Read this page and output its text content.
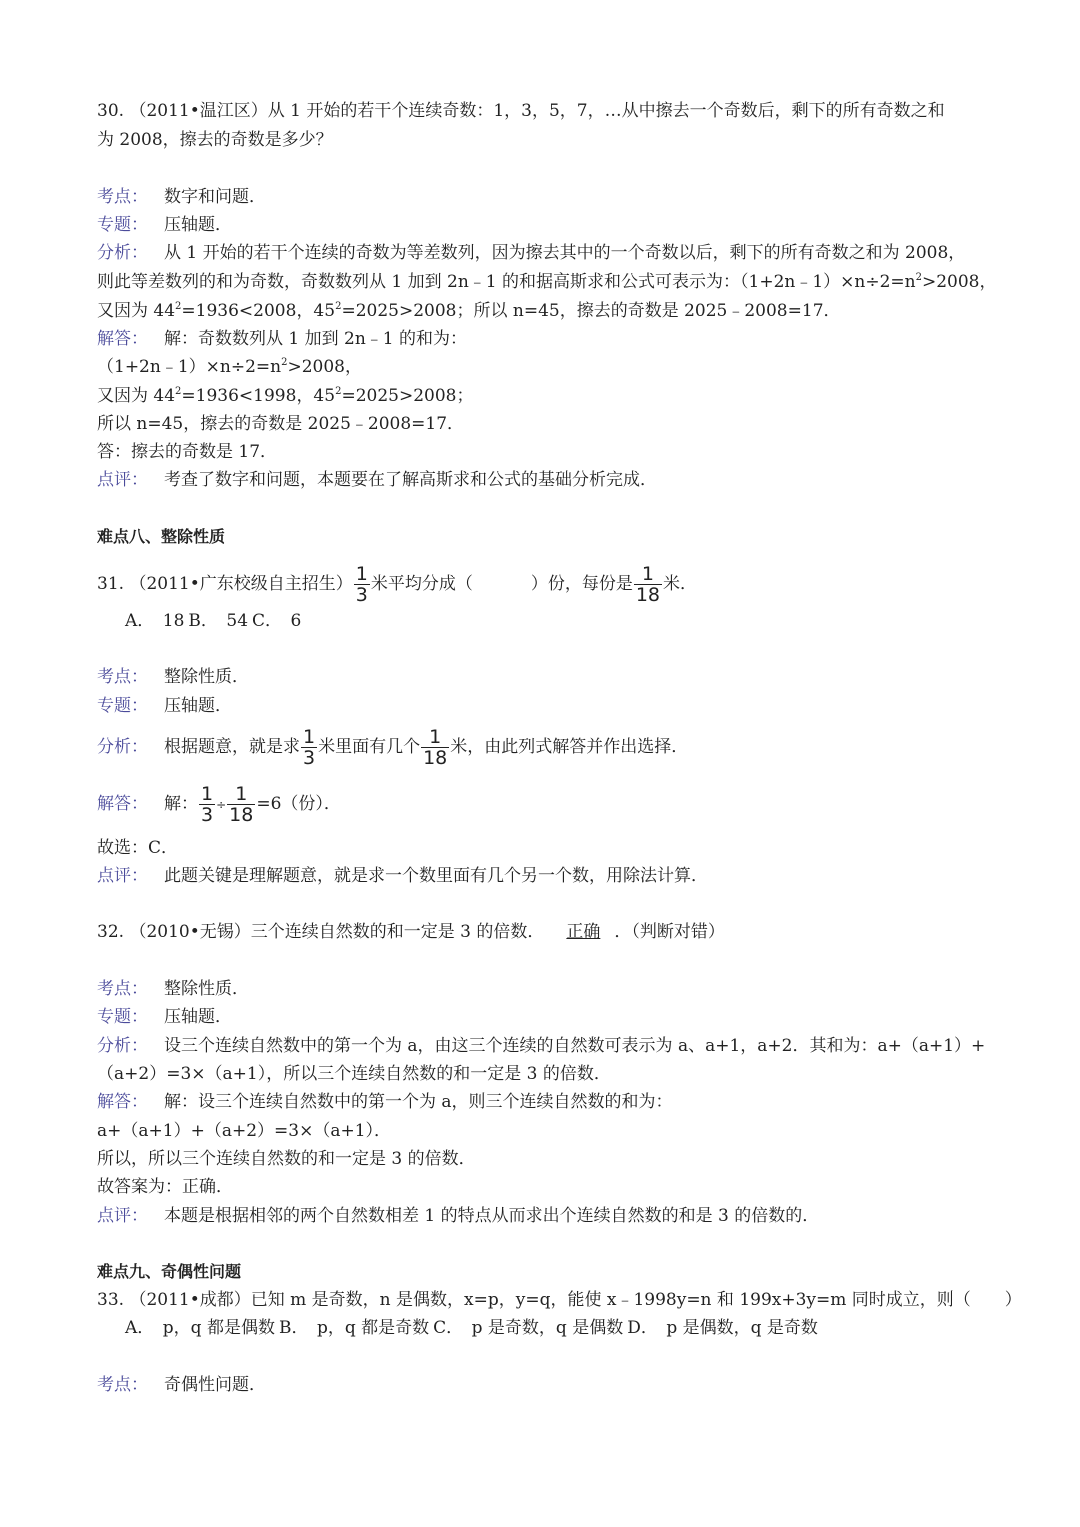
30. （2011•温江区）从 1 开始的若干个连续奇数：1，3，5，7，…从中擦去一个奇数后，剩下的所有奇数之和
为 2008，擦去的奇数是多少？
考点： 数字和问题．
专题： 压轴题．
分析： 从 1 开始的若干个连续的奇数为等差数列，因为擦去其中的一个奇数以后，剩下的所有奇数之和为 2008，
则此等差数列的和为奇数，奇数数列从 1 加到 2n﹣1 的和据高斯求和公式可表示为：$(1+2n﹣1)\times n\div 2=n^2>2008$，
又因为 $44^2=1936<2008$，$45^2=2025>2008$；所以 n=45，擦去的奇数是 2025﹣2008=17．
解答： 解：奇数数列从 1 加到 2n﹣1 的和为：
$(1+2n﹣1)\times n\div 2=n^2>2008$，
又因为 $44^2=1936<1998$，$45^2=2025>2008$；
所以 n=45，擦去的奇数是 2025﹣2008=17．
答：擦去的奇数是 17．
点评： 考查了数字和问题，本题要在了解高斯求和公式的基础分析完成．
难点八、整除性质
31. （2011•广东校级自主招生） $\frac{1}{3}$ 米平均分成（	）份，每份是 $\frac{1}{18}$ 米．
A．　18 B．　54 C．　6
考点： 整除性质．
专题： 压轴题．
分析： 根据题意，就是求 $\frac{1}{3}$ 米里面有几个 $\frac{1}{18}$ 米，由此列式解答并作出选择．
解答： 解： $\frac{1}{3} \div \frac{1}{18} =6$（份）．
故选：C．
点评： 此题关键是理解题意，就是求一个数里面有几个另一个数，用除法计算．
32. （2010•无锡）三个连续自然数的和一定是 3 的倍数． 正确 ．（判断对错）
考点： 整除性质．
专题： 压轴题．
分析： 设三个连续自然数中的第一个为 a，由这三个连续的自然数可表示为 a、a+1，a+2．其和为：a+（a+1）+
（a+2）=3×（a+1），所以三个连续自然数的和一定是 3 的倍数．
解答： 解：设三个连续自然数中的第一个为 a，则三个连续自然数的和为：
a+（a+1）+（a+2）=3×（a+1）．
所以，所以三个连续自然数的和一定是 3 的倍数．
故答案为：正确．
点评： 本题是根据相邻的两个自然数相差 1 的特点从而求出个连续自然数的和是 3 的倍数的．
难点九、奇偶性问题
33. （2011•成都）已知 m 是奇数，n 是偶数，x=p，y=q，能使 x﹣1998y=n 和 199x+3y=m 同时成立，则（　　）
A．　p，q 都是偶数 B．　p，q 都是奇数 C．　p 是奇数，q 是偶数 D．　p 是偶数，q 是奇数
考点： 奇偶性问题．
